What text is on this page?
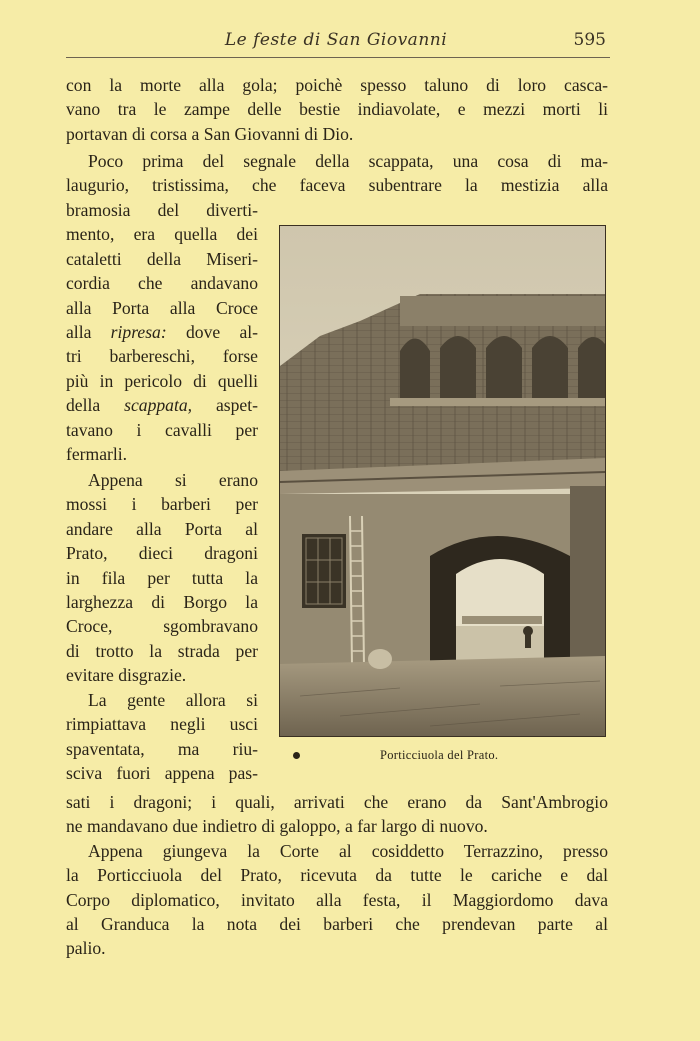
Le feste di San Giovanni	595
con la morte alla gola; poichè spesso taluno di loro casca-
vano tra le zampe delle bestie indiavolate, e mezzi morti li
portavan di corsa a San Giovanni di Dio.
Poco prima del segnale della scappata, una cosa di ma-
laugurio, tristissima, che faceva subentrare la mestizia alla
bramosia del diverti-
mento, era quella dei
cataletti della Miseri-
cordia che andavano
alla Porta alla Croce
alla ripresa: dove al-
tri barbereschi, forse
più in pericolo di quelli
della scappata, aspet-
tavano i cavalli per
fermarli.
Appena si erano
mossi i barberi per
andare alla Porta al
Prato, dieci dragoni
in fila per tutta la
larghezza di Borgo la
Croce, sgombravano
di trotto la strada per
evitare disgrazie.
La gente allora si
rimpiattava negli usci
spaventata, ma riu-
sciva fuori appena pas-
sati i dragoni; i quali, arrivati che erano da Sant'Ambrogio
ne mandavano due indietro di galoppo, a far largo di nuovo.
Appena giungeva la Corte al cosiddetto Terrazzino, presso
la Porticciuola del Prato, ricevuta da tutte le cariche e dal
Corpo diplomatico, invitato alla festa, il Maggiordomo dava
al Granduca la nota dei barberi che prendevan parte al
palio.
Porticciuola del Prato.
